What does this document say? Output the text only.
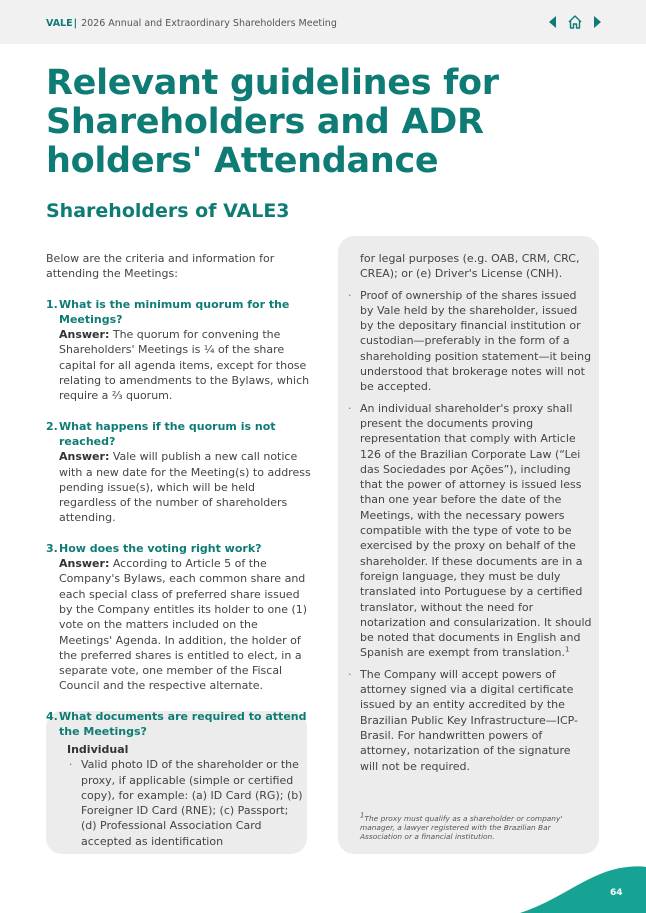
VALE| 2026 Annual and Extraordinary Shareholders Meeting
Relevant guidelines for Shareholders and ADR holders' Attendance
Shareholders of VALE3

Below are the criteria and information for attending the Meetings:

1. What is the minimum quorum for the Meetings?
Answer: The quorum for convening the Shareholders' Meetings is ¼ of the share capital for all agenda items, except for those relating to amendments to the Bylaws, which require a ⅔ quorum.
2. What happens if the quorum is not reached?
Answer: Vale will publish a new call notice with a new date for the Meeting(s) to address pending issue(s), which will be held regardless of the number of shareholders attending.
3. How does the voting right work?
Answer: According to Article 5 of the Company's Bylaws, each common share and each special class of preferred share issued by the Company entitles its holder to one (1) vote on the matters included on the Meetings' Agenda. In addition, the holder of the preferred shares is entitled to elect, in a separate vote, one member of the Fiscal Council and the respective alternate.
4. What documents are required to attend the Meetings?
Individual
· Valid photo ID of the shareholder or the proxy, if applicable (simple or certified copy), for example: (a) ID Card (RG); (b) Foreigner ID Card (RNE); (c) Passport; (d) Professional Association Card accepted as identification
for legal purposes (e.g. OAB, CRM, CRC, CREA); or (e) Driver's License (CNH).
· Proof of ownership of the shares issued by Vale held by the shareholder, issued by the depositary financial institution or custodian—preferably in the form of a shareholding position statement—it being understood that brokerage notes will not be accepted.
· An individual shareholder's proxy shall present the documents proving representation that comply with Article 126 of the Brazilian Corporate Law (“Lei das Sociedades por Ações”), including that the power of attorney is issued less than one year before the date of the Meetings, with the necessary powers compatible with the type of vote to be exercised by the proxy on behalf of the shareholder. If these documents are in a foreign language, they must be duly translated into Portuguese by a certified translator, without the need for notarization and consularization. It should be noted that documents in English and Spanish are exempt from translation.$^1$
· The Company will accept powers of attorney signed via a digital certificate issued by an entity accredited by the Brazilian Public Key Infrastructure—ICP-Brasil. For handwritten powers of attorney, notarization of the signature will not be required.
$^1$The proxy must qualify as a shareholder or company' manager, a lawyer registered with the Brazilian Bar Association or a financial institution.
64
